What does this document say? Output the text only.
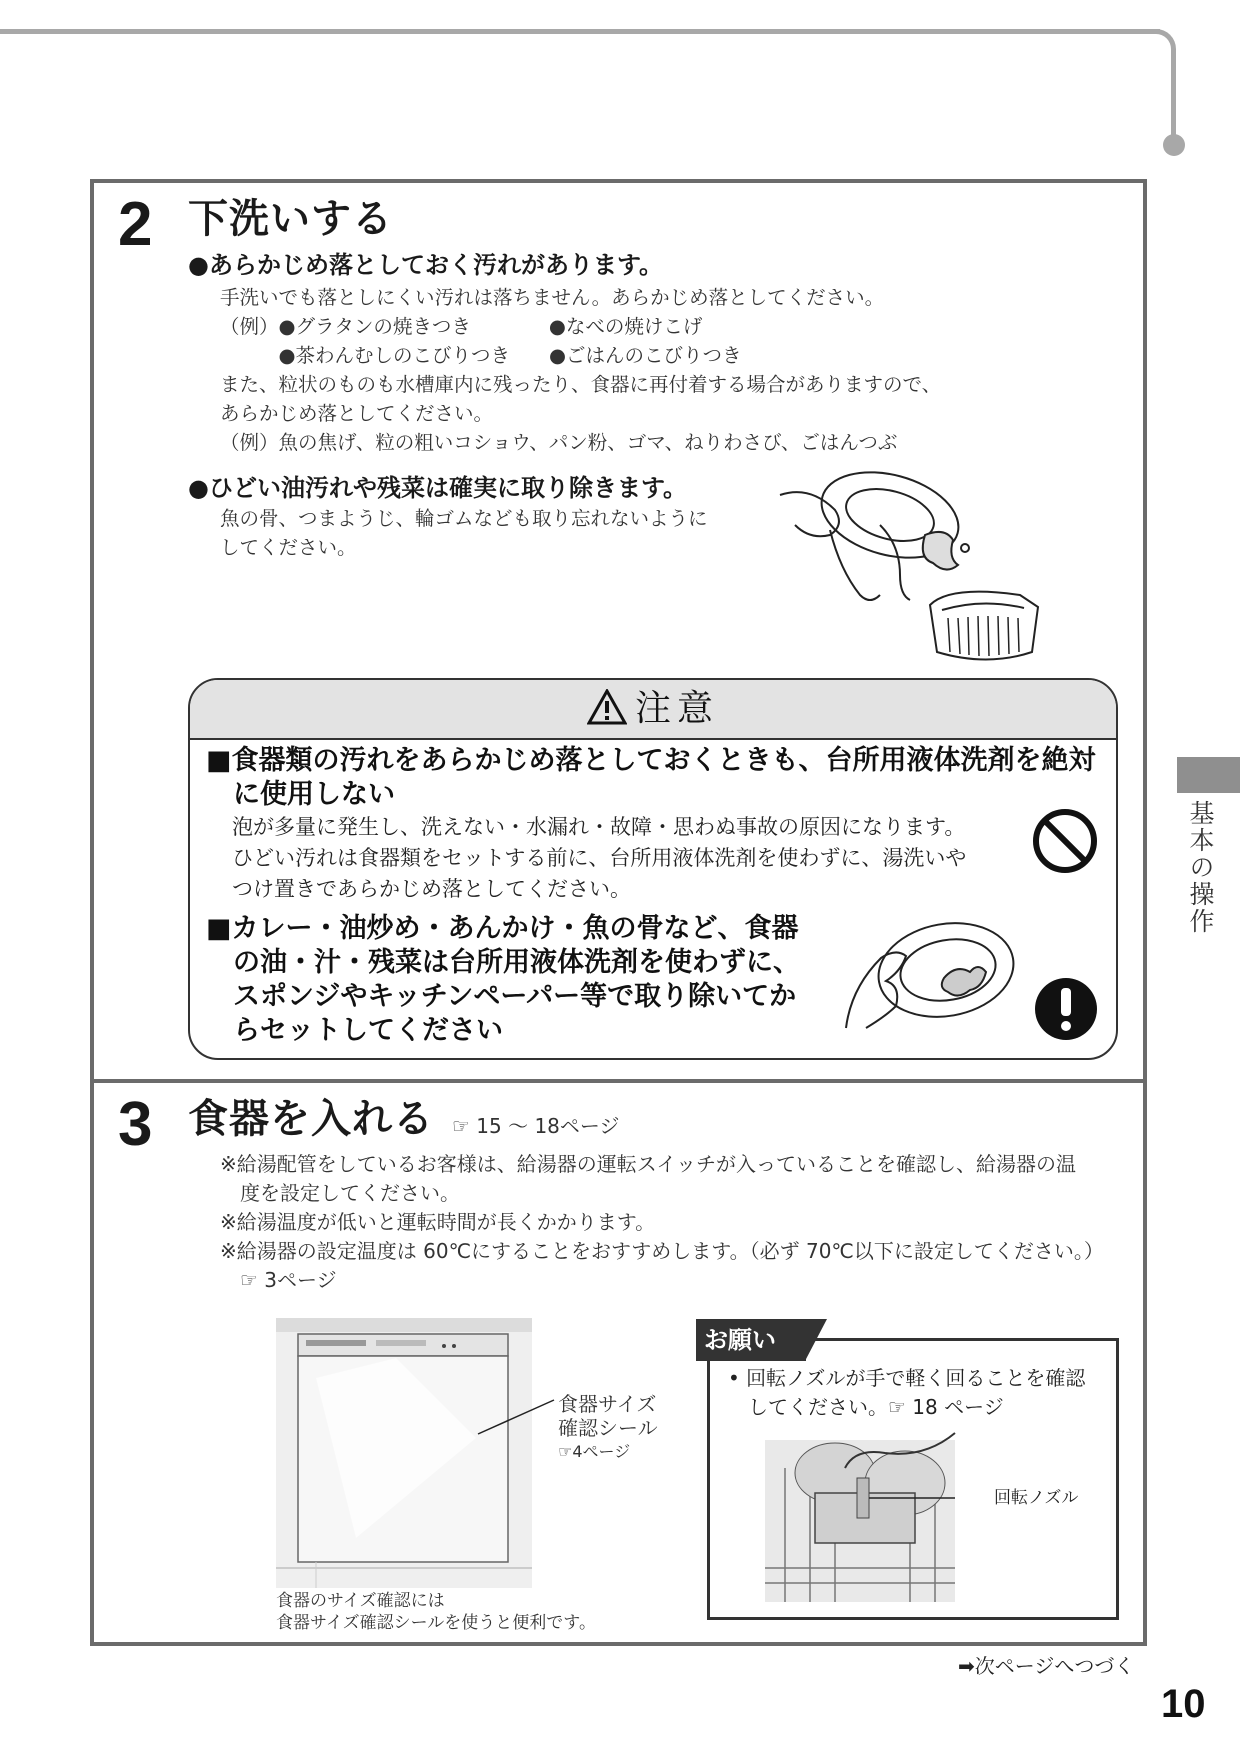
基本の操作
2 下洗いする
●あらかじめ落としておく汚れがあります。

手洗いでも落としにくい汚れは落ちません。あらかじめ落としてください。

（例）●グラタンの焼きつき　　　　●なべの焼けこげ

　　　●茶わんむしのこびりつき　　●ごはんのこびりつき

また、粒状のものも水槽庫内に残ったり、食器に再付着する場合がありますので、

あらかじめ落としてください。

（例）魚の焦げ、粒の粗いコショウ、パン粉、ゴマ、ねりわさび、ごはんつぶ

●ひどい油汚れや残菜は確実に取り除きます。

魚の骨、つまようじ、輪ゴムなども取り忘れないように

してください。

注意
■食器類の汚れをあらかじめ落としておくときも、台所用液体洗剤を絶対
　に使用しない

泡が多量に発生し、洗えない・水漏れ・故障・思わぬ事故の原因になります。

ひどい汚れは食器類をセットする前に、台所用液体洗剤を使わずに、湯洗いや

つけ置きであらかじめ落としてください。

■カレー・油炒め・あんかけ・魚の骨など、食器
　の油・汁・残菜は台所用液体洗剤を使わずに、
　スポンジやキッチンペーパー等で取り除いてか
　らセットしてください
3 食器を入れる ☞ 15 ～ 18ページ

※給湯配管をしているお客様は、給湯器の運転スイッチが入っていることを確認し、給湯器の温

　度を設定してください。

※給湯温度が低いと運転時間が長くかかります。

※給湯器の設定温度は 60℃にすることをおすすめします。（必ず 70℃以下に設定してください。）

　☞ 3ページ

食器サイズ

確認シール

☞4ページ

食器のサイズ確認には

食器サイズ確認シールを使うと便利です。

お願い

• 回転ノズルが手で軽く回ることを確認

　してください。☞ 18 ページ

回転ノズル
➡次ページへつづく
10
